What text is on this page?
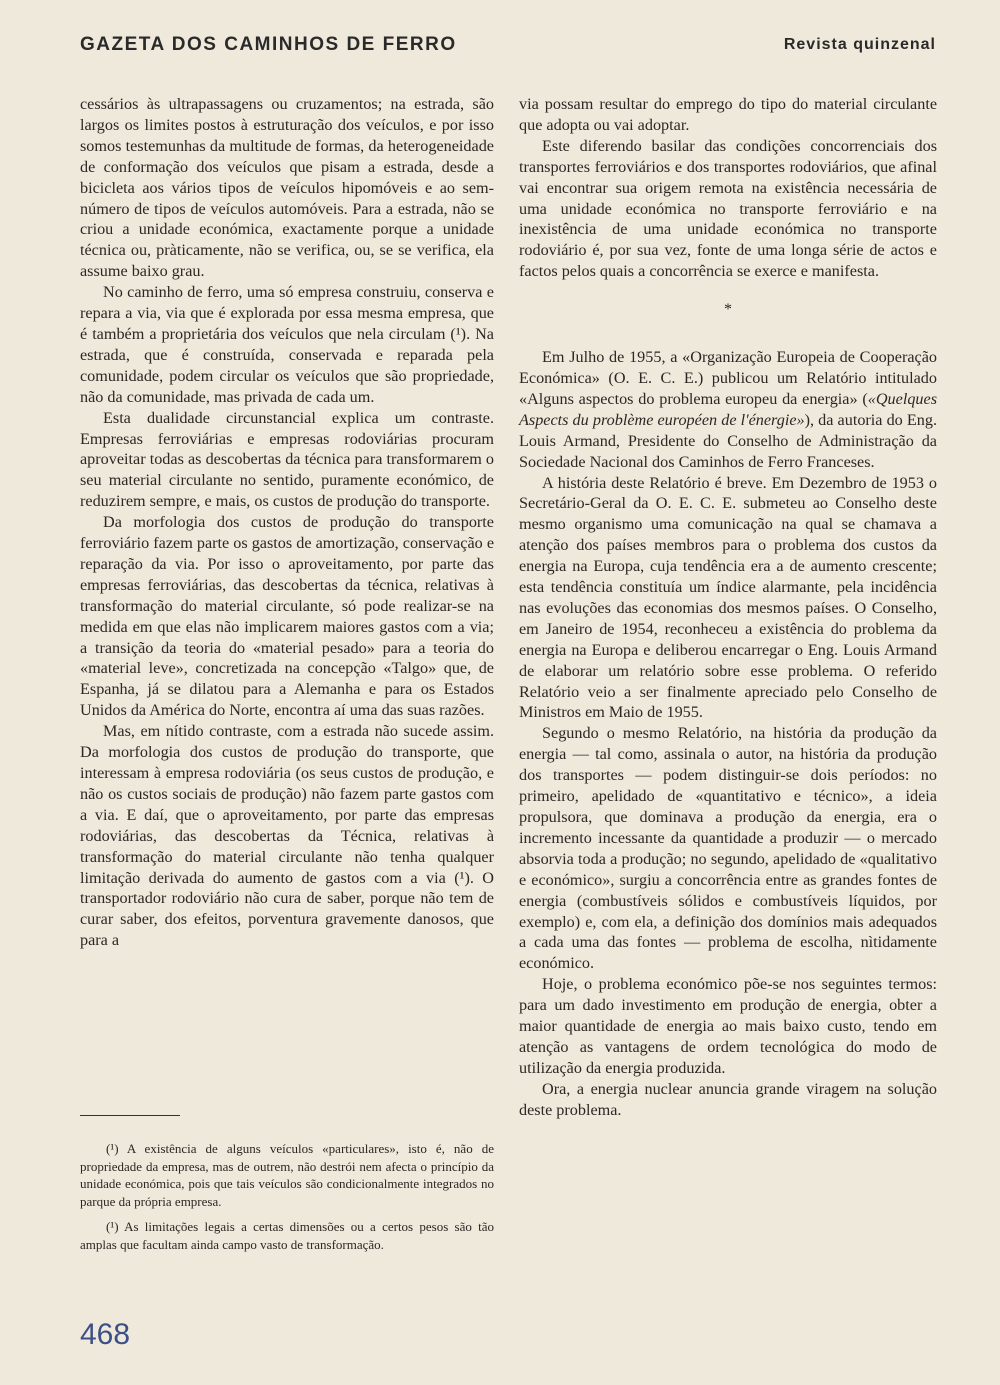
GAZETA DOS CAMINHOS DE FERRO	Revista quinzenal

cessários às ultrapassagens ou cruzamentos; na estrada, são largos os limites postos à estruturação dos veículos, e por isso somos testemunhas da multitude de formas, da heterogeneidade de conformação dos veículos que pisam a estrada, desde a bicicleta aos vários tipos de veículos hipomóveis e ao sem-número de tipos de veículos automóveis. Para a estrada, não se criou a unidade económica, exactamente porque a unidade técnica ou, pràticamente, não se verifica, ou, se se verifica, ela assume baixo grau.

No caminho de ferro, uma só empresa construiu, conserva e repara a via, via que é explorada por essa mesma empresa, que é também a proprietária dos veículos que nela circulam (¹). Na estrada, que é construída, conservada e reparada pela comunidade, podem circular os veículos que são propriedade, não da comunidade, mas privada de cada um.

Esta dualidade circunstancial explica um contraste. Empresas ferroviárias e empresas rodoviárias procuram aproveitar todas as descobertas da técnica para transformarem o seu material circulante no sentido, puramente económico, de reduzirem sempre, e mais, os custos de produção do transporte.

Da morfologia dos custos de produção do transporte ferroviário fazem parte os gastos de amortização, conservação e reparação da via. Por isso o aproveitamento, por parte das empresas ferroviárias, das descobertas da técnica, relativas à transformação do material circulante, só pode realizar-se na medida em que elas não implicarem maiores gastos com a via; a transição da teoria do «material pesado» para a teoria do «material leve», concretizada na concepção «Talgo» que, de Espanha, já se dilatou para a Alemanha e para os Estados Unidos da América do Norte, encontra aí uma das suas razões.

Mas, em nítido contraste, com a estrada não sucede assim. Da morfologia dos custos de produção do transporte, que interessam à empresa rodoviária (os seus custos de produção, e não os custos sociais de produção) não fazem parte gastos com a via. E daí, que o aproveitamento, por parte das empresas rodoviárias, das descobertas da Técnica, relativas à transformação do material circulante não tenha qualquer limitação derivada do aumento de gastos com a via (¹). O transportador rodoviário não cura de saber, porque não tem de curar saber, dos efeitos, porventura gravemente danosos, que para a

(¹) A existência de alguns veículos «particulares», isto é, não de propriedade da empresa, mas de outrem, não destrói nem afecta o princípio da unidade económica, pois que tais veículos são condicionalmente integrados no parque da própria empresa.

(¹) As limitações legais a certas dimensões ou a certos pesos são tão amplas que facultam ainda campo vasto de transformação.

via possam resultar do emprego do tipo do material circulante que adopta ou vai adoptar.

Este diferendo basilar das condições concorrenciais dos transportes ferroviários e dos transportes rodoviários, que afinal vai encontrar sua origem remota na existência necessária de uma unidade económica no transporte ferroviário e na inexistência de uma unidade económica no transporte rodoviário é, por sua vez, fonte de uma longa série de actos e factos pelos quais a concorrência se exerce e manifesta.

*

Em Julho de 1955, a «Organização Europeia de Cooperação Económica» (O. E. C. E.) publicou um Relatório intitulado «Alguns aspectos do problema europeu da energia» («Quelques Aspects du problème européen de l'énergie»), da autoria do Eng. Louis Armand, Presidente do Conselho de Administração da Sociedade Nacional dos Caminhos de Ferro Franceses.

A história deste Relatório é breve. Em Dezembro de 1953 o Secretário-Geral da O. E. C. E. submeteu ao Conselho deste mesmo organismo uma comunicação na qual se chamava a atenção dos países membros para o problema dos custos da energia na Europa, cuja tendência era a de aumento crescente; esta tendência constituía um índice alarmante, pela incidência nas evoluções das economias dos mesmos países. O Conselho, em Janeiro de 1954, reconheceu a existência do problema da energia na Europa e deliberou encarregar o Eng. Louis Armand de elaborar um relatório sobre esse problema. O referido Relatório veio a ser finalmente apreciado pelo Conselho de Ministros em Maio de 1955.

Segundo o mesmo Relatório, na história da produção da energia — tal como, assinala o autor, na história da produção dos transportes — podem distinguir-se dois períodos: no primeiro, apelidado de «quantitativo e técnico», a ideia propulsora, que dominava a produção da energia, era o incremento incessante da quantidade a produzir — o mercado absorvia toda a produção; no segundo, apelidado de «qualitativo e económico», surgiu a concorrência entre as grandes fontes de energia (combustíveis sólidos e combustíveis líquidos, por exemplo) e, com ela, a definição dos domínios mais adequados a cada uma das fontes — problema de escolha, nìtidamente económico.

Hoje, o problema económico põe-se nos seguintes termos: para um dado investimento em produção de energia, obter a maior quantidade de energia ao mais baixo custo, tendo em atenção as vantagens de ordem tecnológica do modo de utilização da energia produzida.

Ora, a energia nuclear anuncia grande viragem na solução deste problema.

468
